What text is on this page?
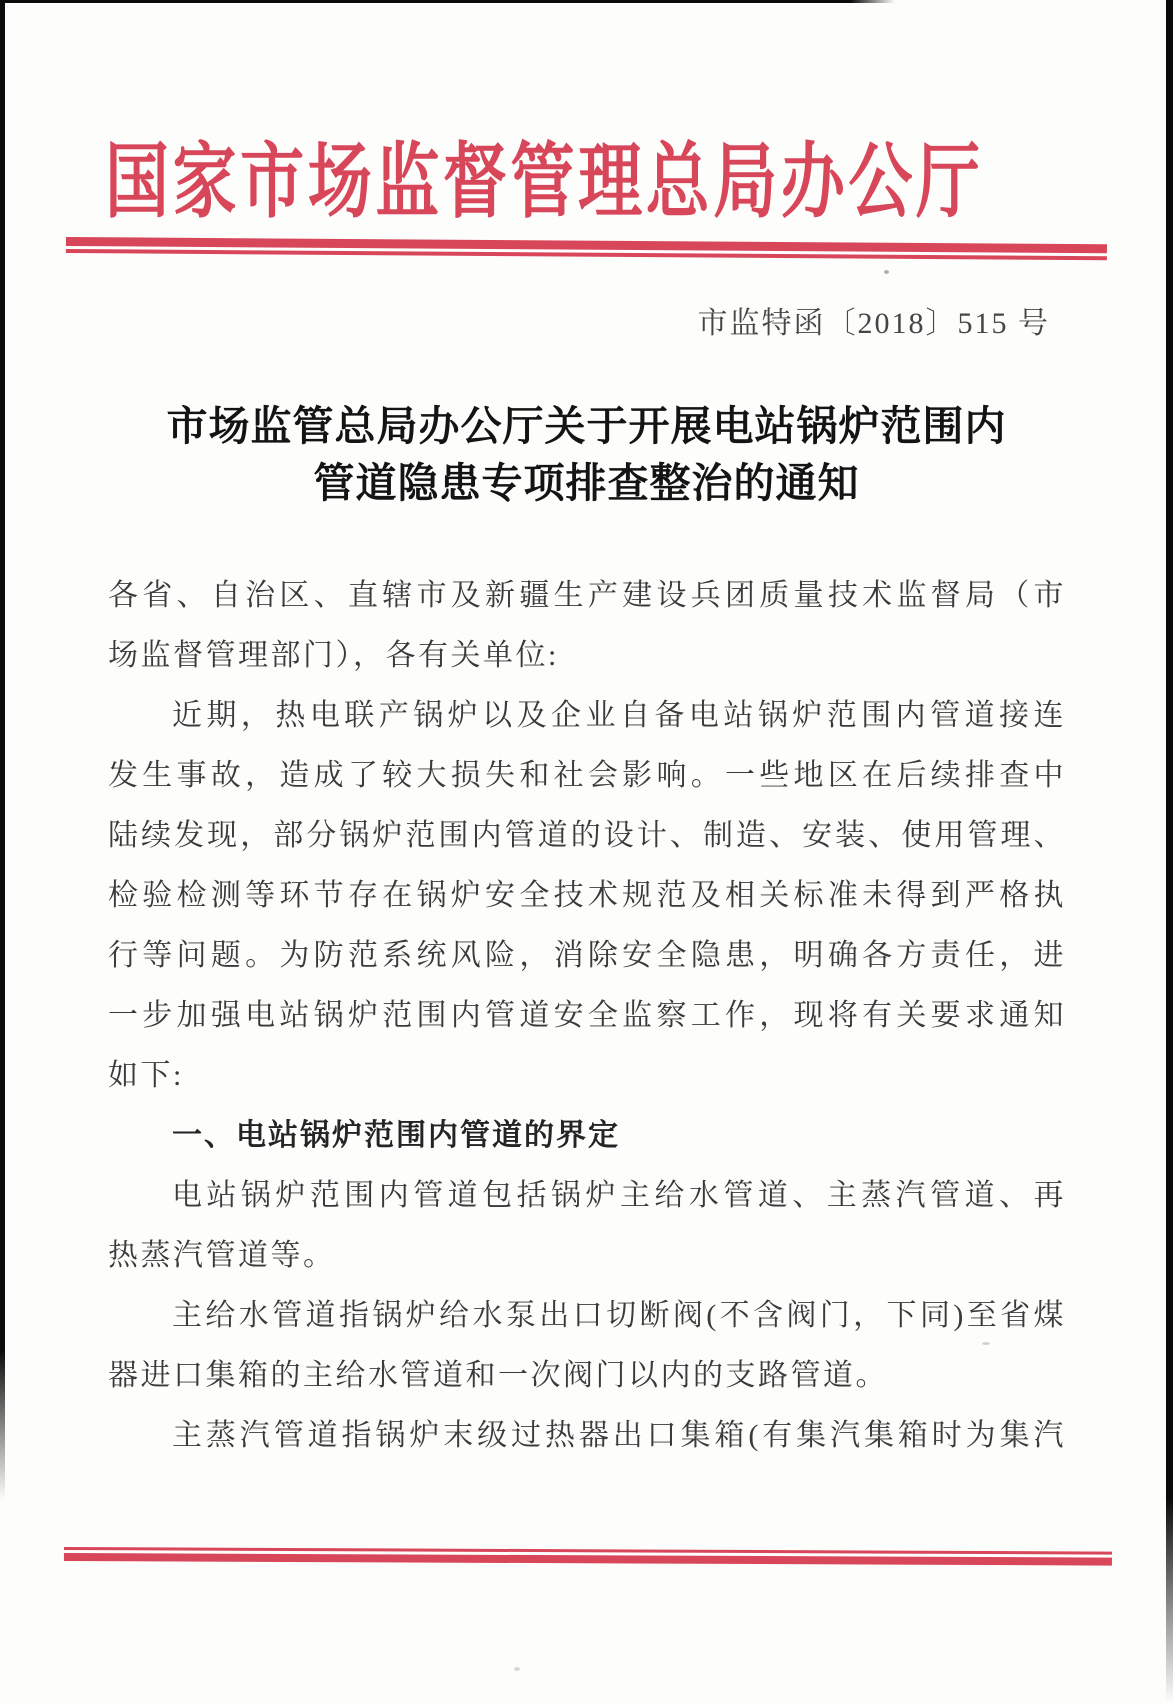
国家市场监督管理总局办公厅
市监特函〔2018〕515 号
市场监管总局办公厅关于开展电站锅炉范围内
管道隐患专项排查整治的通知
各省、自治区、直辖市及新疆生产建设兵团质量技术监督局（市
场监督管理部门），各有关单位:
近期，热电联产锅炉以及企业自备电站锅炉范围内管道接连
发生事故，造成了较大损失和社会影响。一些地区在后续排查中
陆续发现，部分锅炉范围内管道的设计、制造、安装、使用管理、
检验检测等环节存在锅炉安全技术规范及相关标准未得到严格执
行等问题。为防范系统风险，消除安全隐患，明确各方责任，进
一步加强电站锅炉范围内管道安全监察工作，现将有关要求通知
如下:
一、电站锅炉范围内管道的界定
电站锅炉范围内管道包括锅炉主给水管道、主蒸汽管道、再
热蒸汽管道等。
主给水管道指锅炉给水泵出口切断阀(不含阀门，下同)至省煤
器进口集箱的主给水管道和一次阀门以内的支路管道。
主蒸汽管道指锅炉末级过热器出口集箱(有集汽集箱时为集汽
